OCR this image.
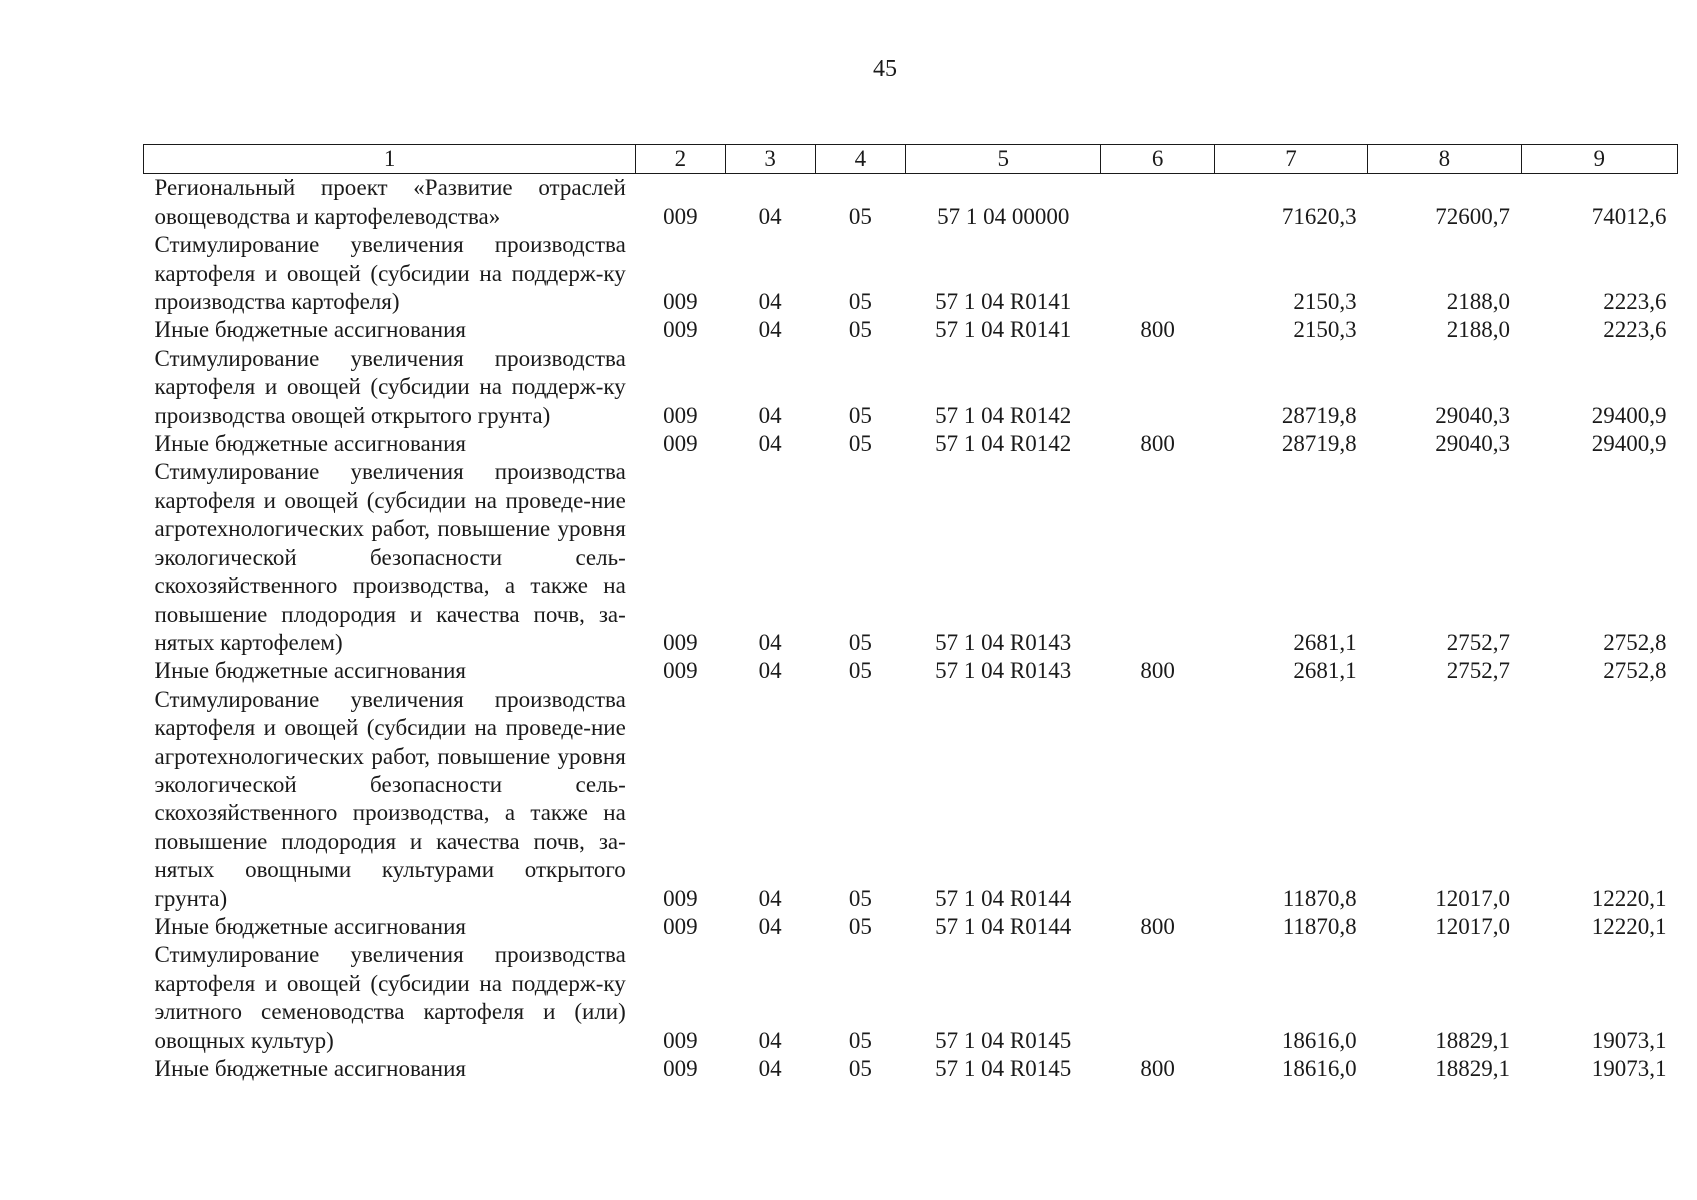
45
1	2	3	4	5	6	7	8	9
Региональный проект «Развитие отраслей овощеводства и картофелеводства»	009	04	05	57 1 04 00000		71620,3	72600,7	74012,6
Стимулирование увеличения производства картофеля и овощей (субсидии на поддерж-ку производства картофеля)	009	04	05	57 1 04 R0141		2150,3	2188,0	2223,6
Иные бюджетные ассигнования	009	04	05	57 1 04 R0141	800	2150,3	2188,0	2223,6
Стимулирование увеличения производства картофеля и овощей (субсидии на поддерж-ку производства овощей открытого грунта)	009	04	05	57 1 04 R0142		28719,8	29040,3	29400,9
Иные бюджетные ассигнования	009	04	05	57 1 04 R0142	800	28719,8	29040,3	29400,9
Стимулирование увеличения производства картофеля и овощей (субсидии на проведе-ние агротехнологических работ, повышение уровня экологической безопасности сель-скохозяйственного производства, а также на повышение плодородия и качества почв, за-нятых картофелем)	009	04	05	57 1 04 R0143		2681,1	2752,7	2752,8
Иные бюджетные ассигнования	009	04	05	57 1 04 R0143	800	2681,1	2752,7	2752,8
Стимулирование увеличения производства картофеля и овощей (субсидии на проведе-ние агротехнологических работ, повышение уровня экологической безопасности сель-скохозяйственного производства, а также на повышение плодородия и качества почв, за-нятых овощными культурами открытого грунта)	009	04	05	57 1 04 R0144		11870,8	12017,0	12220,1
Иные бюджетные ассигнования	009	04	05	57 1 04 R0144	800	11870,8	12017,0	12220,1
Стимулирование увеличения производства картофеля и овощей (субсидии на поддерж-ку элитного семеноводства картофеля и (или) овощных культур)	009	04	05	57 1 04 R0145		18616,0	18829,1	19073,1
Иные бюджетные ассигнования	009	04	05	57 1 04 R0145	800	18616,0	18829,1	19073,1
